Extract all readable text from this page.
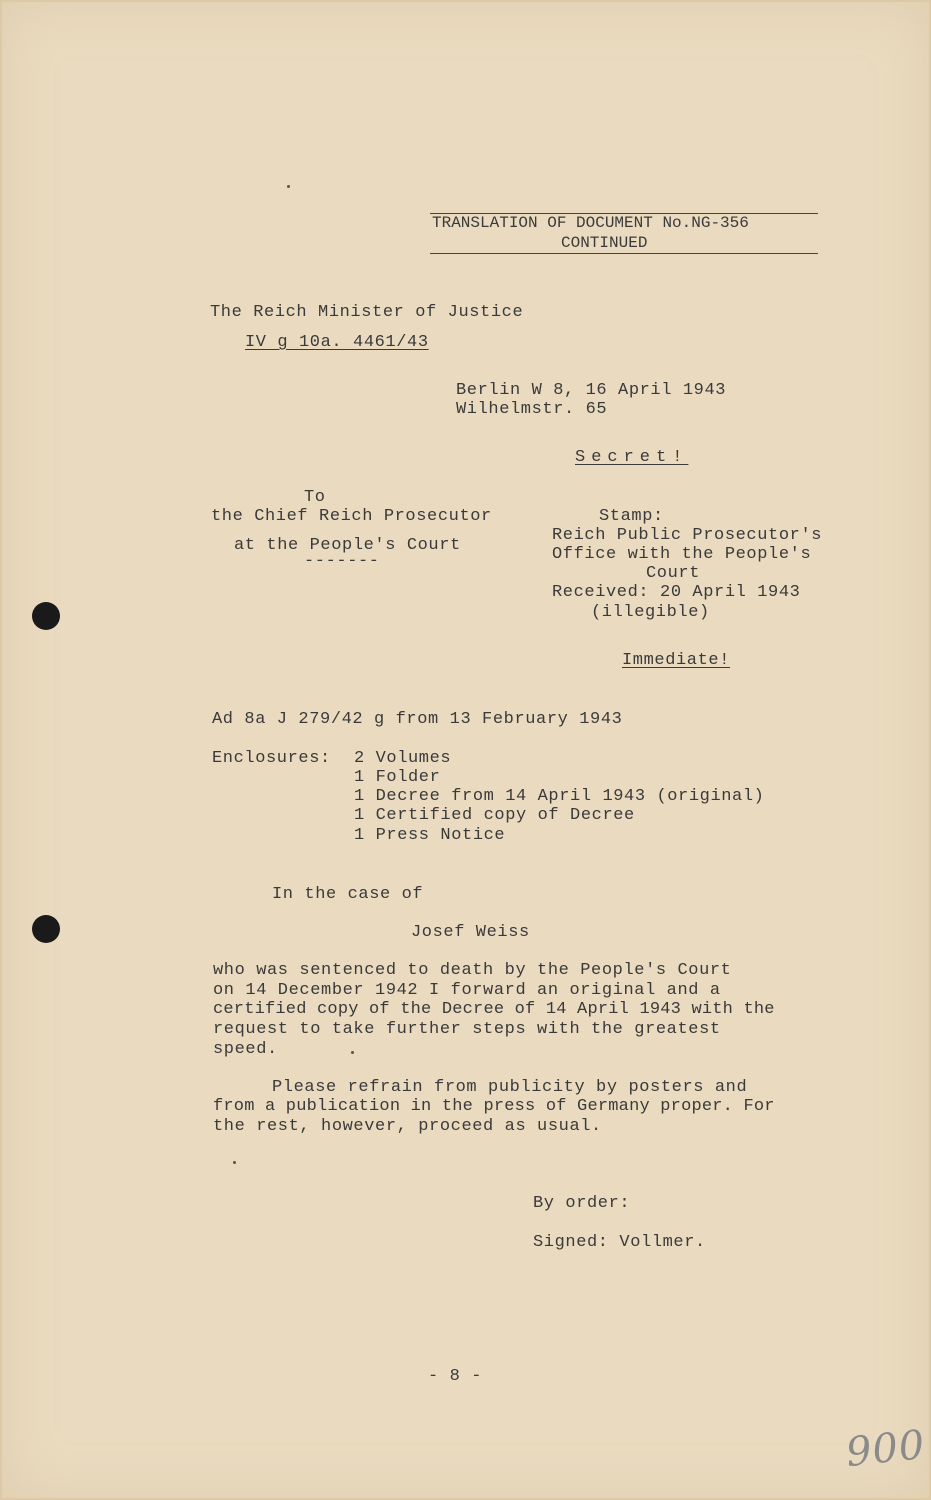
TRANSLATION OF DOCUMENT No.NG-356
CONTINUED
The Reich Minister of Justice
IV g 10a. 4461/43
Berlin W 8, 16 April 1943
Wilhelmstr. 65
Secret!
To
the Chief Reich Prosecutor
at the People's Court
-------
Stamp:
Reich Public Prosecutor's
Office with the People's
Court
Received: 20 April 1943
(illegible)
Immediate!
Ad 8a J 279/42 g from 13 February 1943
Enclosures: 2 Volumes
1 Folder
1 Decree from 14 April 1943 (original)
1 Certified copy of Decree
1 Press Notice
In the case of
Josef Weiss
who was sentenced to death by the People's Court
on 14 December 1942 I forward an original and a
certified copy of the Decree of 14 April 1943 with the
request to take further steps with the greatest
speed.
Please refrain from publicity by posters and
from a publication in the press of Germany proper. For
the rest, however, proceed as usual.
By order:
Signed: Vollmer.
- 8 -
900
